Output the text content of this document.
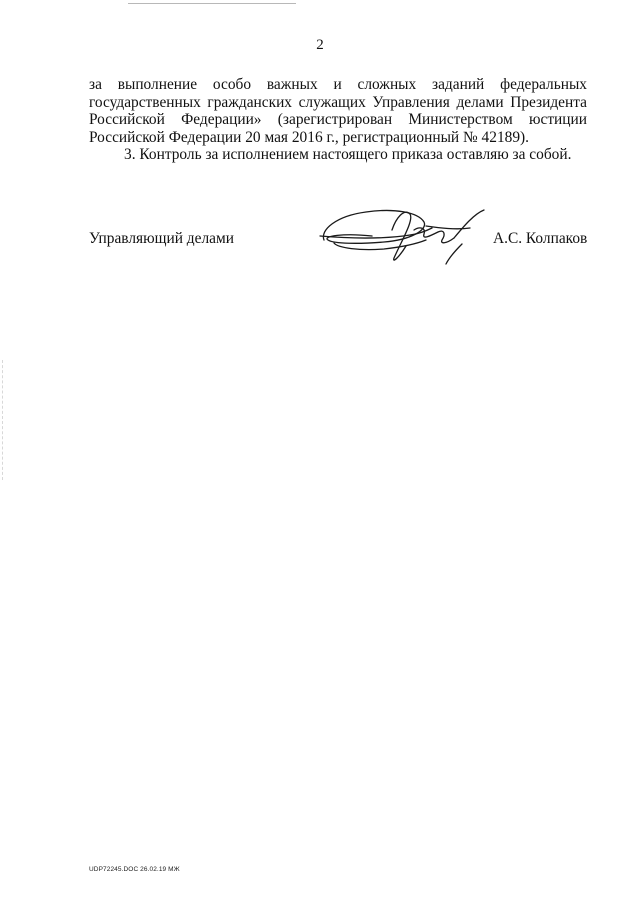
2

за выполнение особо важных и сложных заданий федеральных
государственных гражданских служащих Управления делами Президента
Российской Федерации» (зарегистрирован Министерством юстиции
Российской Федерации 20 мая 2016 г., регистрационный № 42189).

3. Контроль за исполнением настоящего приказа оставляю за собой.

Управляющий делами	А.С. Колпаков
UDP72245.DOC 26.02.19 МЖ
